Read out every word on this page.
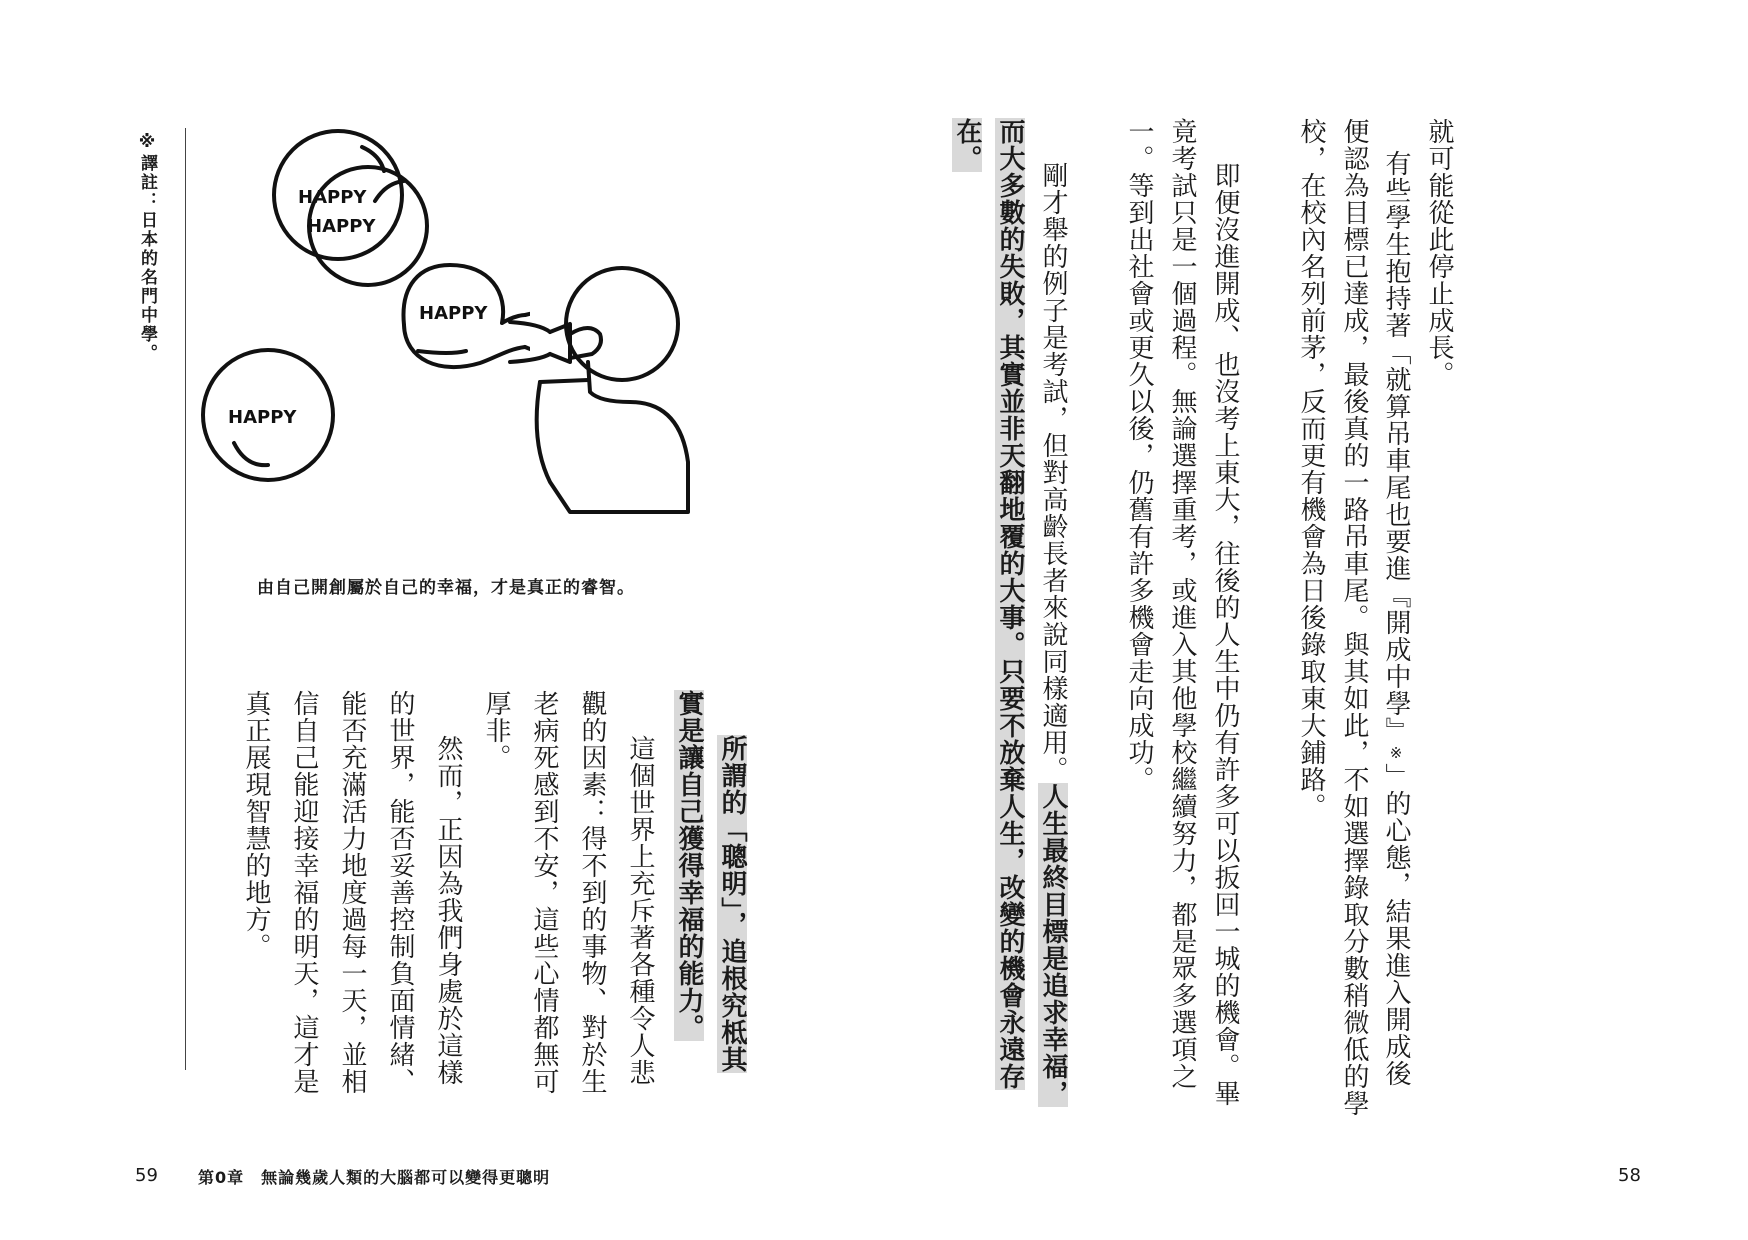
就可能從此停止成長。
有些學生抱持著「就算吊車尾也要進『開成中學』※」的心態，結果進入開成後
便認為目標已達成，最後真的一路吊車尾。與其如此，不如選擇錄取分數稍微低的學
校，在校內名列前茅，反而更有機會為日後錄取東大鋪路。
即便沒進開成、也沒考上東大，往後的人生中仍有許多可以扳回一城的機會。畢
竟考試只是一個過程。無論選擇重考，或進入其他學校繼續努力，都是眾多選項之
一。等到出社會或更久以後，仍舊有許多機會走向成功。
剛才舉的例子是考試，但對高齡長者來說同樣適用。人生最終目標是追求幸福，
而大多數的失敗，其實並非天翻地覆的大事。只要不放棄人生，改變的機會永遠存
在。
58
※譯註：日本的名門中學。	HAPPY
HAPPY
HAPPY
HAPPY
由自己開創屬於自己的幸福，才是真正的睿智。
所謂的「聰明」，追根究柢其
實是讓自己獲得幸福的能力。
這個世界上充斥著各種令人悲
觀的因素：得不到的事物、對於生
老病死感到不安，這些心情都無可
厚非。
然而，正因為我們身處於這樣
的世界，能否妥善控制負面情緒、
能否充滿活力地度過每一天，並相
信自己能迎接幸福的明天，這才是
真正展現智慧的地方。
59	第0章　無論幾歲人類的大腦都可以變得更聰明
